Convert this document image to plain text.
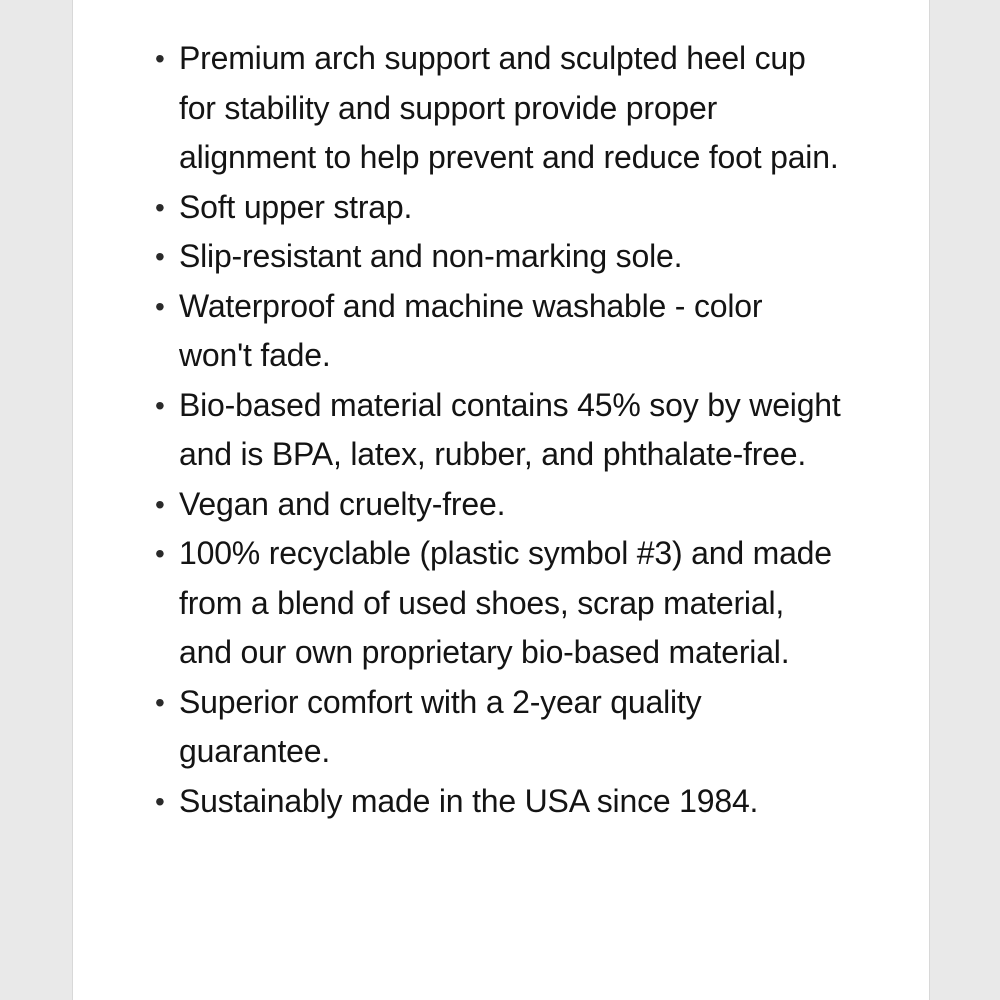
• Premium arch support and sculpted heel cup for stability and support provide proper alignment to help prevent and reduce foot pain.
• Soft upper strap.
• Slip-resistant and non-marking sole.
• Waterproof and machine washable - color won't fade.
• Bio-based material contains 45% soy by weight and is BPA, latex, rubber, and phthalate-free.
• Vegan and cruelty-free.
• 100% recyclable (plastic symbol #3) and made from a blend of used shoes, scrap material, and our own proprietary bio-based material.
• Superior comfort with a 2-year quality guarantee.
• Sustainably made in the USA since 1984.
